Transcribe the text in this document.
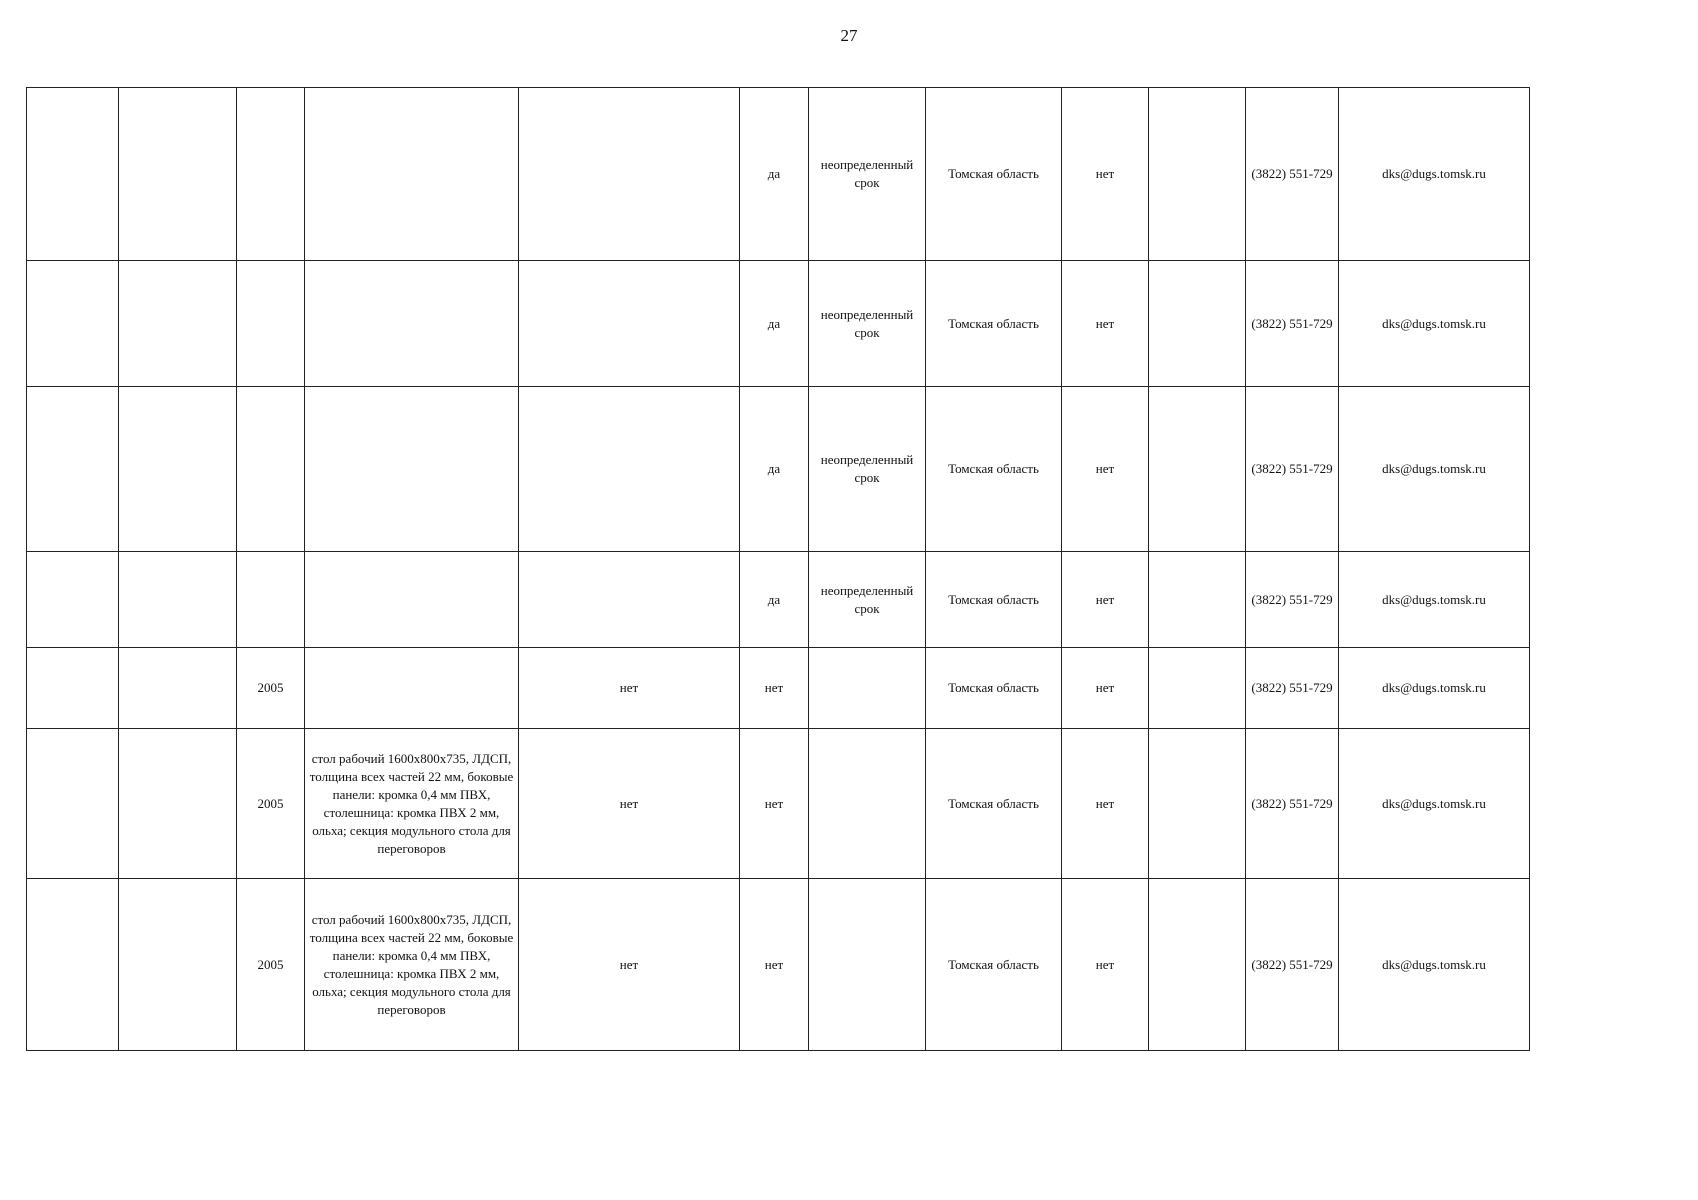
27
					да	неопределенный срок	Томская область	нет		(3822) 551-729	dks@dugs.tomsk.ru
					да	неопределенный срок	Томская область	нет		(3822) 551-729	dks@dugs.tomsk.ru
					да	неопределенный срок	Томская область	нет		(3822) 551-729	dks@dugs.tomsk.ru
					да	неопределенный срок	Томская область	нет		(3822) 551-729	dks@dugs.tomsk.ru
		2005		нет	нет		Томская область	нет		(3822) 551-729	dks@dugs.tomsk.ru
		2005	стол рабочий 1600x800x735, ЛДСП, толщина всех частей 22 мм, боковые панели: кромка 0,4 мм ПВХ, столешница: кромка ПВХ 2 мм, ольха; секция модульного стола для переговоров	нет	нет		Томская область	нет		(3822) 551-729	dks@dugs.tomsk.ru
		2005	стол рабочий 1600x800x735, ЛДСП, толщина всех частей 22 мм, боковые панели: кромка 0,4 мм ПВХ, столешница: кромка ПВХ 2 мм, ольха; секция модульного стола для переговоров	нет	нет		Томская область	нет		(3822) 551-729	dks@dugs.tomsk.ru
